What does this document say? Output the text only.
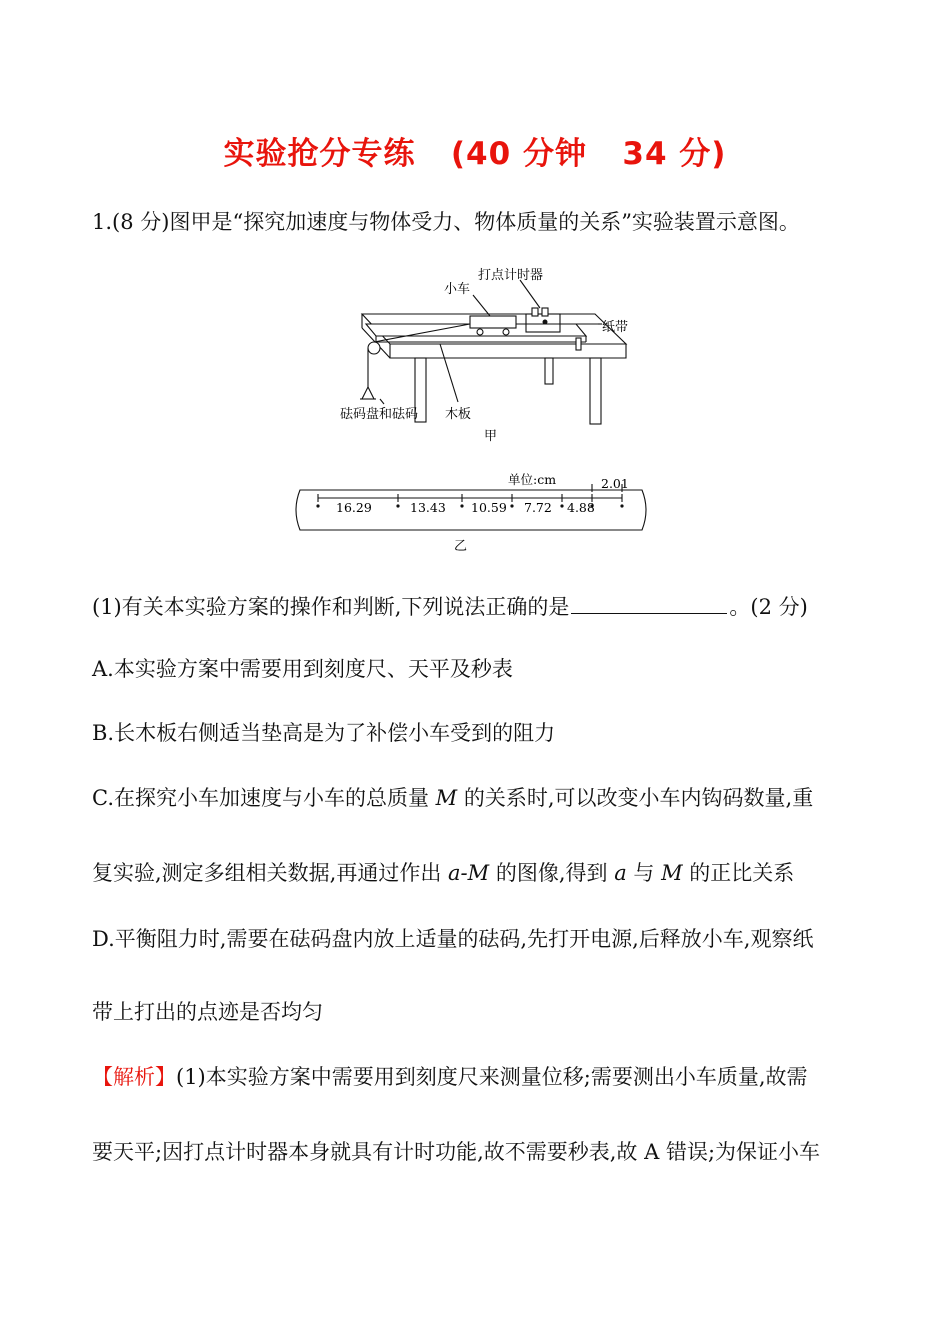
实验抢分专练   (40 分钟   34 分)
1.(8 分)图甲是“探究加速度与物体受力、物体质量的关系”实验装置示意图。
打点计时器
小车
纸带
砝码盘和砝码 木板
甲
单位:cm
16.29	13.43 10.59 7.72 4.88
2.01
乙
(1)有关本实验方案的操作和判断,下列说法正确的是	。(2 分)
A.本实验方案中需要用到刻度尺、天平及秒表
B.长木板右侧适当垫高是为了补偿小车受到的阻力
C.在探究小车加速度与小车的总质量 M 的关系时,可以改变小车内钩码数量,重
复实验,测定多组相关数据,再通过作出 a-M 的图像,得到 a 与 M 的正比关系
D.平衡阻力时,需要在砝码盘内放上适量的砝码,先打开电源,后释放小车,观察纸
带上打出的点迹是否均匀
【解析】(1)本实验方案中需要用到刻度尺来测量位移;需要测出小车质量,故需
要天平;因打点计时器本身就具有计时功能,故不需要秒表,故 A 错误;为保证小车
